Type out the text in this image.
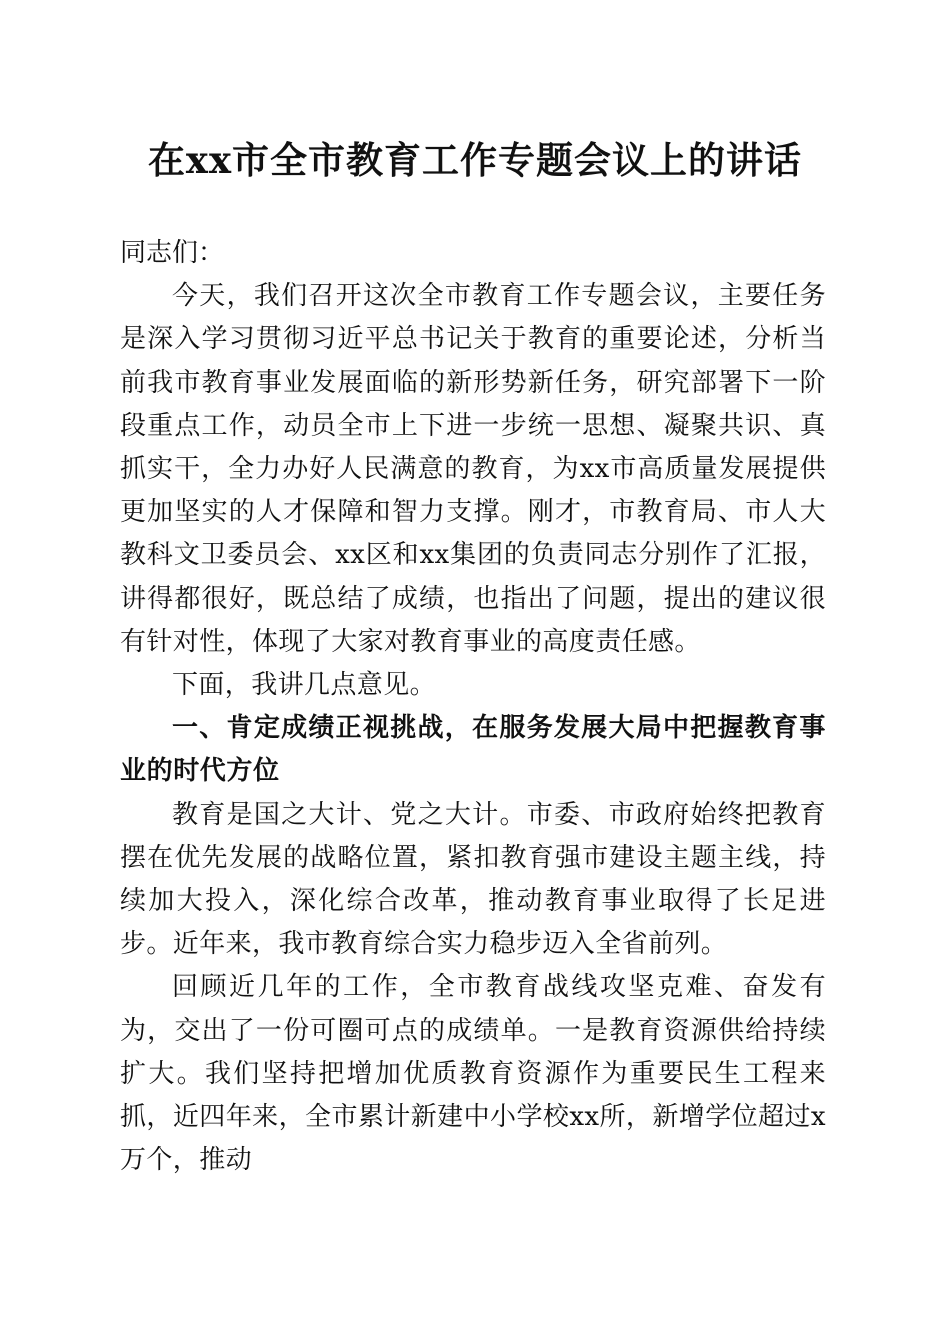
在xx市全市教育工作专题会议上的讲话

同志们：

今天，我们召开这次全市教育工作专题会议，主要任务是深入学习贯彻习近平总书记关于教育的重要论述，分析当前我市教育事业发展面临的新形势新任务，研究部署下一阶段重点工作，动员全市上下进一步统一思想、凝聚共识、真抓实干，全力办好人民满意的教育，为xx市高质量发展提供更加坚实的人才保障和智力支撑。刚才，市教育局、市人大教科文卫委员会、xx区和xx集团的负责同志分别作了汇报，讲得都很好，既总结了成绩，也指出了问题，提出的建议很有针对性，体现了大家对教育事业的高度责任感。

下面，我讲几点意见。

一、肯定成绩正视挑战，在服务发展大局中把握教育事业的时代方位

教育是国之大计、党之大计。市委、市政府始终把教育摆在优先发展的战略位置，紧扣教育强市建设主题主线，持续加大投入，深化综合改革，推动教育事业取得了长足进步。近年来，我市教育综合实力稳步迈入全省前列。

回顾近几年的工作，全市教育战线攻坚克难、奋发有为，交出了一份可圈可点的成绩单。一是教育资源供给持续扩大。我们坚持把增加优质教育资源作为重要民生工程来抓，近四年来，全市累计新建中小学校xx所，新增学位超过x万个，推动
